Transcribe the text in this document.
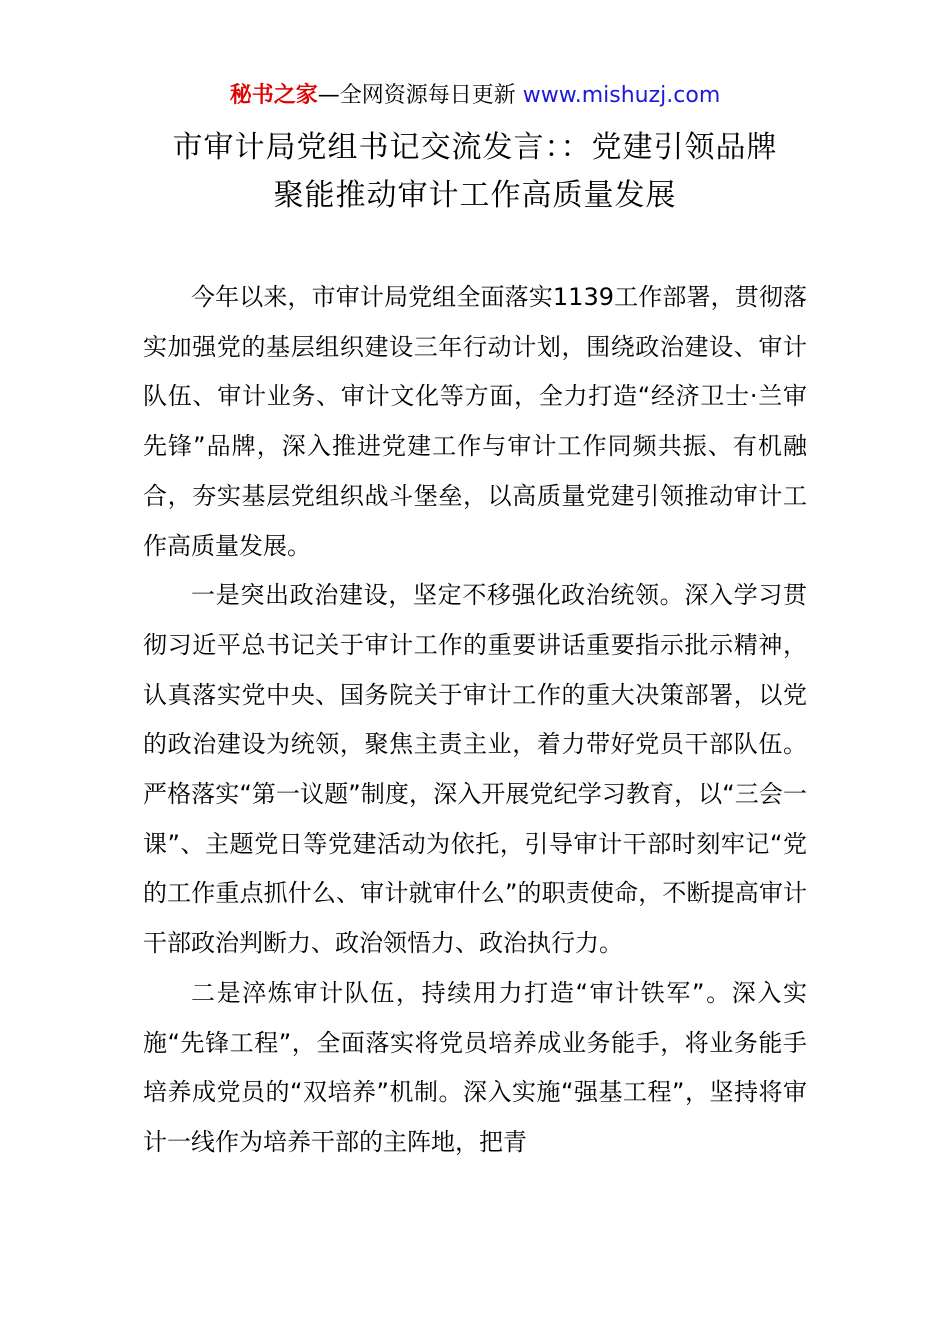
秘书之家—全网资源每日更新 www.mishuzj.com
市审计局党组书记交流发言：：党建引领品牌
聚能推动审计工作高质量发展

今年以来，市审计局党组全面落实1139工作部署，贯彻落实加强党的基层组织建设三年行动计划，围绕政治建设、审计队伍、审计业务、审计文化等方面，全力打造“经济卫士·兰审先锋”品牌，深入推进党建工作与审计工作同频共振、有机融合，夯实基层党组织战斗堡垒，以高质量党建引领推动审计工作高质量发展。

一是突出政治建设，坚定不移强化政治统领。深入学习贯彻习近平总书记关于审计工作的重要讲话重要指示批示精神，认真落实党中央、国务院关于审计工作的重大决策部署，以党的政治建设为统领，聚焦主责主业，着力带好党员干部队伍。严格落实“第一议题”制度，深入开展党纪学习教育，以“三会一课”、主题党日等党建活动为依托，引导审计干部时刻牢记“党的工作重点抓什么、审计就审什么”的职责使命，不断提高审计干部政治判断力、政治领悟力、政治执行力。

二是淬炼审计队伍，持续用力打造“审计铁军”。深入实施“先锋工程”，全面落实将党员培养成业务能手，将业务能手培养成党员的“双培养”机制。深入实施“强基工程”，坚持将审计一线作为培养干部的主阵地，把青
